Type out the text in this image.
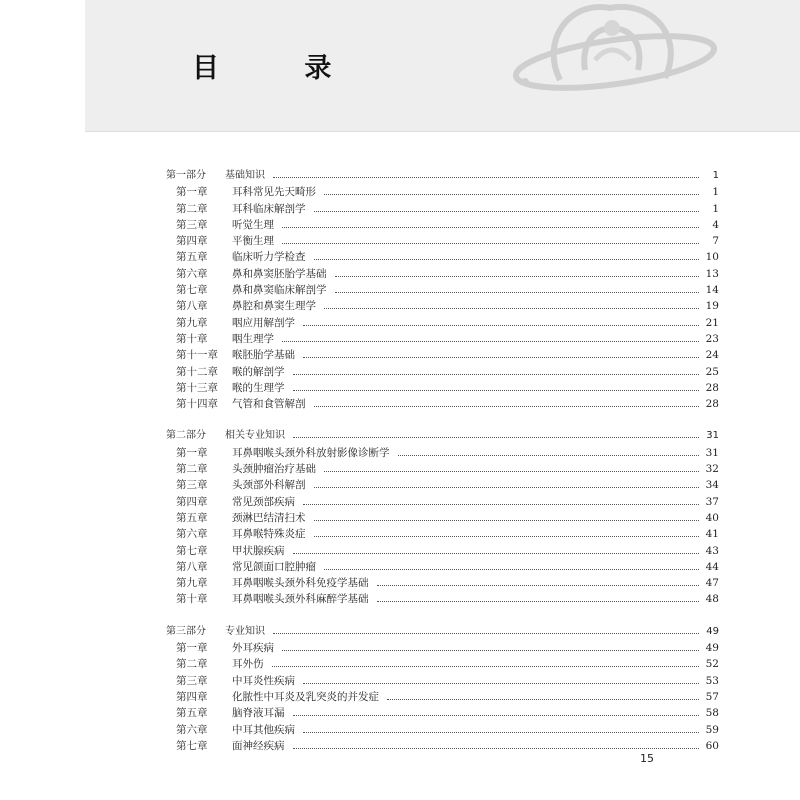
目 录
第一部分	基础知识	1
第一章	耳科常见先天畸形	1
第二章	耳科临床解剖学	1
第三章	听觉生理	4
第四章	平衡生理	7
第五章	临床听力学检查	10
第六章	鼻和鼻窦胚胎学基础	13
第七章	鼻和鼻窦临床解剖学	14
第八章	鼻腔和鼻窦生理学	19
第九章	咽应用解剖学	21
第十章	咽生理学	23
第十一章	喉胚胎学基础	24
第十二章	喉的解剖学	25
第十三章	喉的生理学	28
第十四章	气管和食管解剖	28
第二部分	相关专业知识	31
第一章	耳鼻咽喉头颈外科放射影像诊断学	31
第二章	头颈肿瘤治疗基础	32
第三章	头颈部外科解剖	34
第四章	常见颈部疾病	37
第五章	颈淋巴结清扫术	40
第六章	耳鼻喉特殊炎症	41
第七章	甲状腺疾病	43
第八章	常见颌面口腔肿瘤	44
第九章	耳鼻咽喉头颈外科免疫学基础	47
第十章	耳鼻咽喉头颈外科麻醉学基础	48
第三部分	专业知识	49
第一章	外耳疾病	49
第二章	耳外伤	52
第三章	中耳炎性疾病	53
第四章	化脓性中耳炎及乳突炎的并发症	57
第五章	脑脊液耳漏	58
第六章	中耳其他疾病	59
第七章	面神经疾病	60
15
